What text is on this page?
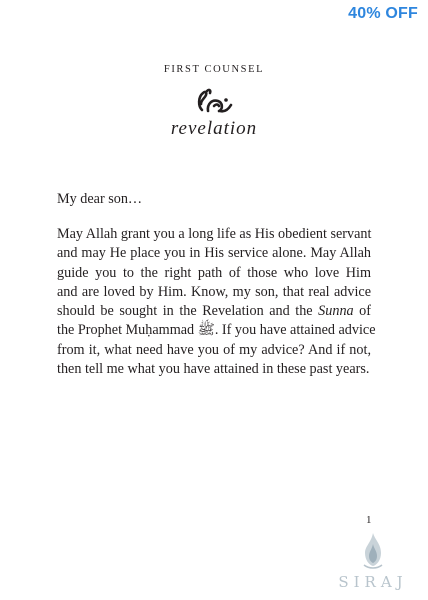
40% OFF
FIRST COUNSEL
revelation
My dear son…
May Allah grant you a long life as His obedient servant
and may He place you in His service alone. May Allah
guide you to the right path of those who love Him
and are loved by Him. Know, my son, that real advice
should be sought in the Revelation and the Sunna of
the Prophet Muḥammad ﷺ. If you have attained advice
from it, what need have you of my advice? And if not,
then tell me what you have attained in these past years.
1
SIRAJ
